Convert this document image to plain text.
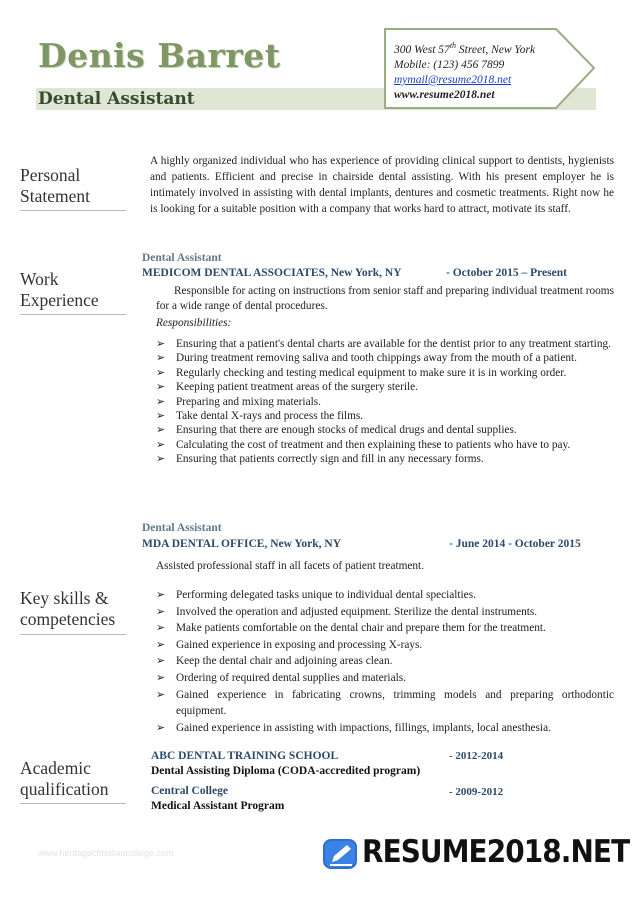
Denis Barret
Dental Assistant
300 West 57th Street, New York
Mobile: (123) 456 7899
mymail@resume2018.net
www.resume2018.net
Personal
Statement
A highly organized individual who has experience of providing clinical support to dentists, hygienists and patients. Efficient and precise in chairside dental assisting. With his present employer he is intimately involved in assisting with dental implants, dentures and cosmetic treatments. Right now he is looking for a suitable position with a company that works hard to attract, motivate its staff.
Work
Experience
Dental Assistant
MEDICOM DENTAL ASSOCIATES, New York, NY	- October 2015 – Present
Responsible for acting on instructions from senior staff and preparing individual treatment rooms for a wide range of dental procedures.
Responsibilities:
➢ Ensuring that a patient's dental charts are available for the dentist prior to any treatment starting.
➢ During treatment removing saliva and tooth chippings away from the mouth of a patient.
➢ Regularly checking and testing medical equipment to make sure it is in working order.
➢ Keeping patient treatment areas of the surgery sterile.
➢ Preparing and mixing materials.
➢ Take dental X-rays and process the films.
➢ Ensuring that there are enough stocks of medical drugs and dental supplies.
➢ Calculating the cost of treatment and then explaining these to patients who have to pay.
➢ Ensuring that patients correctly sign and fill in any necessary forms.
Dental Assistant
MDA DENTAL OFFICE, New York, NY	- June 2014 - October 2015
Assisted professional staff in all facets of patient treatment.
Key skills &
competencies
➢ Performing delegated tasks unique to individual dental specialties.
➢ Involved the operation and adjusted equipment. Sterilize the dental instruments.
➢ Make patients comfortable on the dental chair and prepare them for the treatment.
➢ Gained experience in exposing and processing X-rays.
➢ Keep the dental chair and adjoining areas clean.
➢ Ordering of required dental supplies and materials.
➢ Gained experience in fabricating crowns, trimming models and preparing orthodontic equipment.
➢ Gained experience in assisting with impactions, fillings, implants, local anesthesia.
Academic
qualification
ABC DENTAL TRAINING SCHOOL	- 2012-2014
Dental Assisting Diploma (CODA-accredited program)
Central College	- 2009-2012
Medical Assistant Program
www.heritagechristiancollege.com	RESUME2018.NET
